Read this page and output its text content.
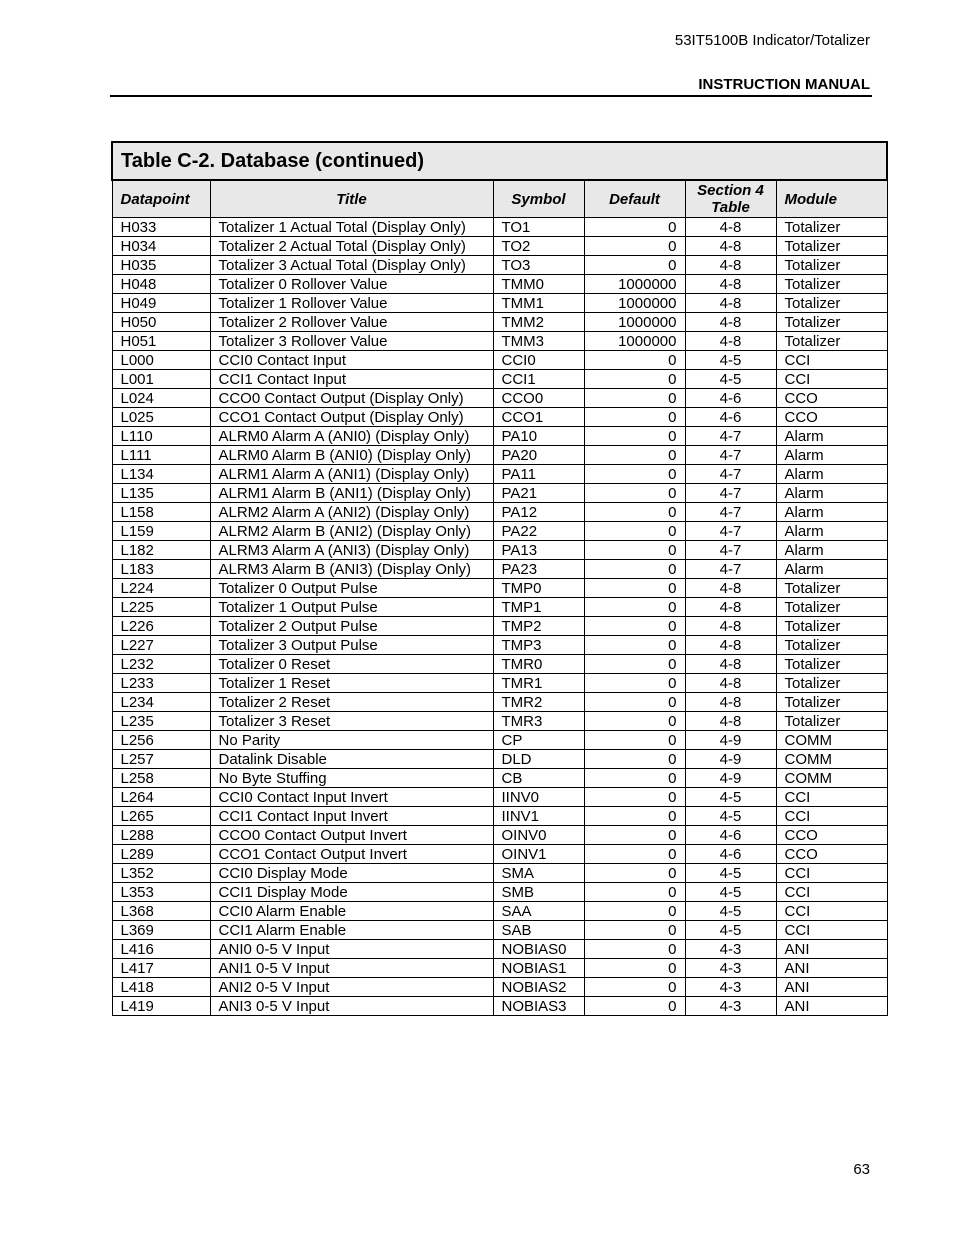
53IT5100B Indicator/Totalizer
INSTRUCTION MANUAL
Table C-2. Database (continued)					
Datapoint	Title	Symbol	Default	Section 4 Table	Module
H033	Totalizer 1 Actual Total (Display Only)	TO1	0	4-8	Totalizer
H034	Totalizer 2 Actual Total (Display Only)	TO2	0	4-8	Totalizer
H035	Totalizer 3 Actual Total (Display Only)	TO3	0	4-8	Totalizer
H048	Totalizer 0 Rollover Value	TMM0	1000000	4-8	Totalizer
H049	Totalizer 1 Rollover Value	TMM1	1000000	4-8	Totalizer
H050	Totalizer 2 Rollover Value	TMM2	1000000	4-8	Totalizer
H051	Totalizer 3 Rollover Value	TMM3	1000000	4-8	Totalizer
L000	CCI0 Contact Input	CCI0	0	4-5	CCI
L001	CCI1 Contact Input	CCI1	0	4-5	CCI
L024	CCO0 Contact Output (Display Only)	CCO0	0	4-6	CCO
L025	CCO1 Contact Output (Display Only)	CCO1	0	4-6	CCO
L110	ALRM0 Alarm A (ANI0) (Display Only)	PA10	0	4-7	Alarm
L111	ALRM0 Alarm B (ANI0) (Display Only)	PA20	0	4-7	Alarm
L134	ALRM1 Alarm A (ANI1) (Display Only)	PA11	0	4-7	Alarm
L135	ALRM1 Alarm B (ANI1) (Display Only)	PA21	0	4-7	Alarm
L158	ALRM2 Alarm A (ANI2) (Display Only)	PA12	0	4-7	Alarm
L159	ALRM2 Alarm B (ANI2) (Display Only)	PA22	0	4-7	Alarm
L182	ALRM3 Alarm A (ANI3) (Display Only)	PA13	0	4-7	Alarm
L183	ALRM3 Alarm B (ANI3) (Display Only)	PA23	0	4-7	Alarm
L224	Totalizer 0 Output Pulse	TMP0	0	4-8	Totalizer
L225	Totalizer 1 Output Pulse	TMP1	0	4-8	Totalizer
L226	Totalizer 2 Output Pulse	TMP2	0	4-8	Totalizer
L227	Totalizer 3 Output Pulse	TMP3	0	4-8	Totalizer
L232	Totalizer 0 Reset	TMR0	0	4-8	Totalizer
L233	Totalizer 1 Reset	TMR1	0	4-8	Totalizer
L234	Totalizer 2 Reset	TMR2	0	4-8	Totalizer
L235	Totalizer 3 Reset	TMR3	0	4-8	Totalizer
L256	No Parity	CP	0	4-9	COMM
L257	Datalink Disable	DLD	0	4-9	COMM
L258	No Byte Stuffing	CB	0	4-9	COMM
L264	CCI0 Contact Input Invert	IINV0	0	4-5	CCI
L265	CCI1 Contact Input Invert	IINV1	0	4-5	CCI
L288	CCO0 Contact Output Invert	OINV0	0	4-6	CCO
L289	CCO1 Contact Output Invert	OINV1	0	4-6	CCO
L352	CCI0 Display Mode	SMA	0	4-5	CCI
L353	CCI1 Display Mode	SMB	0	4-5	CCI
L368	CCI0 Alarm Enable	SAA	0	4-5	CCI
L369	CCI1 Alarm Enable	SAB	0	4-5	CCI
L416	ANI0 0-5 V Input	NOBIAS0	0	4-3	ANI
L417	ANI1 0-5 V Input	NOBIAS1	0	4-3	ANI
L418	ANI2 0-5 V Input	NOBIAS2	0	4-3	ANI
L419	ANI3 0-5 V Input	NOBIAS3	0	4-3	ANI
63
